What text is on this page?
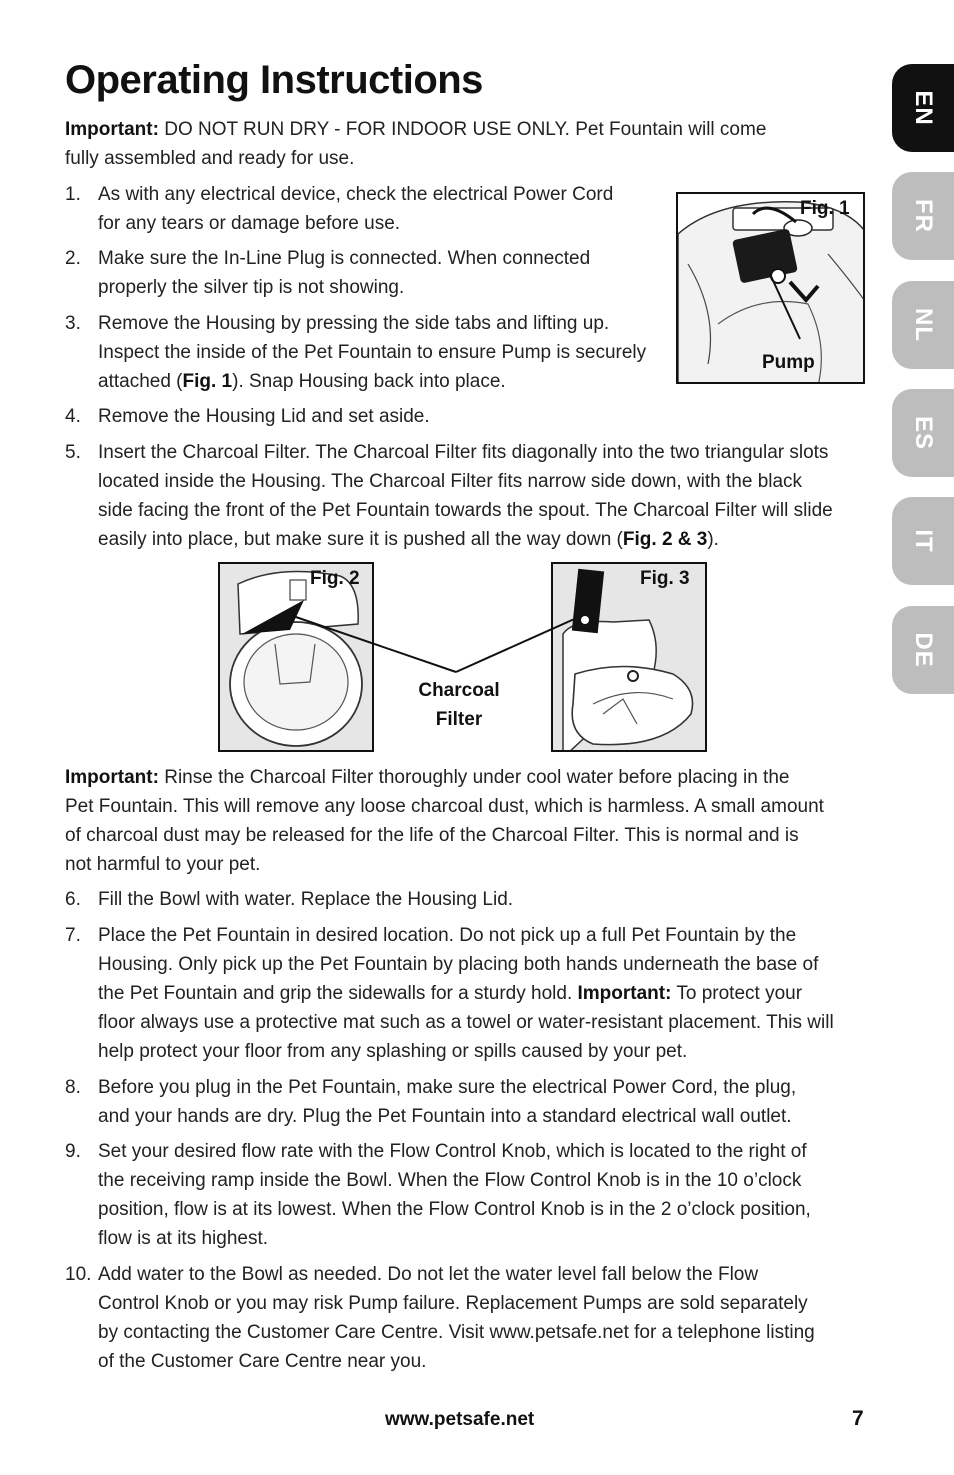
Operating Instructions

Important: DO NOT RUN DRY - FOR INDOOR USE ONLY. Pet Fountain will come

fully assembled and ready for use.

1. As with any electrical device, check the electrical Power Cord
for any tears or damage before use.
2. Make sure the In-Line Plug is connected. When connected
properly the silver tip is not showing.
3. Remove the Housing by pressing the side tabs and lifting up.
Inspect the inside of the Pet Fountain to ensure Pump is securely
attached (Fig. 1). Snap Housing back into place.
4. Remove the Housing Lid and set aside.
5. Insert the Charcoal Filter. The Charcoal Filter fits diagonally into the two triangular slots
located inside the Housing. The Charcoal Filter fits narrow side down, with the black
side facing the front of the Pet Fountain towards the spout. The Charcoal Filter will slide
easily into place, but make sure it is pushed all the way down (Fig. 2 & 3).
Fig. 1
Pump
Fig. 2	Fig. 3
Charcoal
Filter

Important: Rinse the Charcoal Filter thoroughly under cool water before placing in the

Pet Fountain. This will remove any loose charcoal dust, which is harmless. A small amount

of charcoal dust may be released for the life of the Charcoal Filter. This is normal and is

not harmful to your pet.

6. Fill the Bowl with water. Replace the Housing Lid.
7. Place the Pet Fountain in desired location. Do not pick up a full Pet Fountain by the
Housing. Only pick up the Pet Fountain by placing both hands underneath the base of
the Pet Fountain and grip the sidewalls for a sturdy hold. Important: To protect your
floor always use a protective mat such as a towel or water-resistant placement. This will
help protect your floor from any splashing or spills caused by your pet.
8. Before you plug in the Pet Fountain, make sure the electrical Power Cord, the plug,
and your hands are dry. Plug the Pet Fountain into a standard electrical wall outlet.
9. Set your desired flow rate with the Flow Control Knob, which is located to the right of
the receiving ramp inside the Bowl. When the Flow Control Knob is in the 10 o’clock
position, flow is at its lowest. When the Flow Control Knob is in the 2 o’clock position,
flow is at its highest.
10. Add water to the Bowl as needed. Do not let the water level fall below the Flow
Control Knob or you may risk Pump failure. Replacement Pumps are sold separately
by contacting the Customer Care Centre. Visit www.petsafe.net for a telephone listing
of the Customer Care Centre near you.
EN
FR
NL
ES
IT
DE
www.petsafe.net	7
